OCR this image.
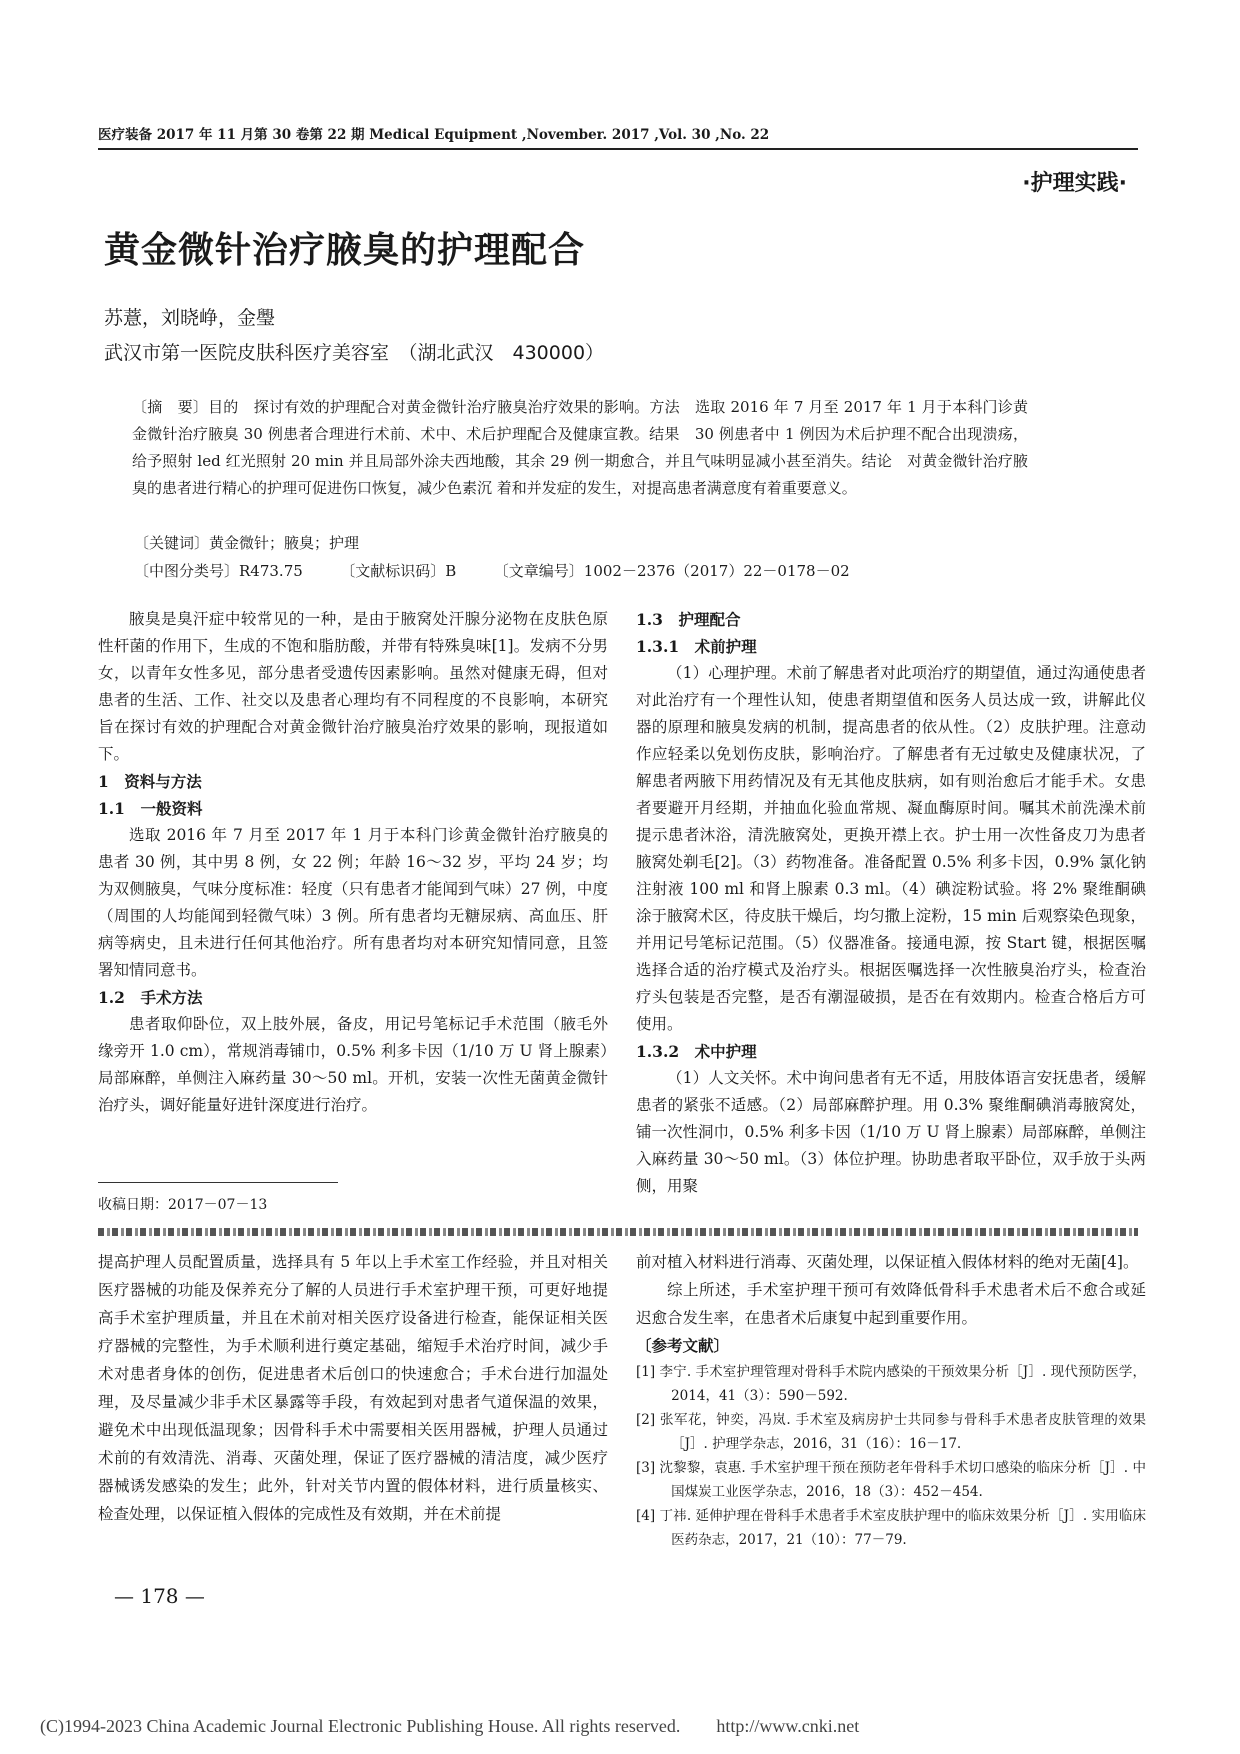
医疗装备 2017 年 11 月第 30 卷第 22 期 Medical Equipment ,November. 2017 ,Vol. 30 ,No. 22
·护理实践·
黄金微针治疗腋臭的护理配合
苏薏，刘晓峥，金璺
武汉市第一医院皮肤科医疗美容室　（湖北武汉　430000）
〔摘　要〕目的　探讨有效的护理配合对黄金微针治疗腋臭治疗效果的影响。方法　选取 2016 年 7 月至 2017 年 1 月于本科门诊黄金微针治疗腋臭 30 例患者合理进行术前、术中、术后护理配合及健康宣教。结果　30 例患者中 1 例因为术后护理不配合出现溃疡，给予照射 led 红光照射 20 min 并且局部外涂夫西地酸，其余 29 例一期愈合，并且气味明显减小甚至消失。结论　对黄金微针治疗腋臭的患者进行精心的护理可促进伤口恢复，减少色素沉 着和并发症的发生，对提高患者满意度有着重要意义。
〔关键词〕黄金微针；腋臭；护理
〔中图分类号〕R473.75　　　〔文献标识码〕B　　　〔文章编号〕1002－2376（2017）22－0178－02

腋臭是臭汗症中较常见的一种，是由于腋窝处汗腺分泌物在皮肤色原性杆菌的作用下，生成的不饱和脂肪酸，并带有特殊臭味[1]。发病不分男女，以青年女性多见，部分患者受遗传因素影响。虽然对健康无碍，但对患者的生活、工作、社交以及患者心理均有不同程度的不良影响，本研究旨在探讨有效的护理配合对黄金微针治疗腋臭治疗效果的影响，现报道如下。

1　资料与方法

1.1　一般资料

选取 2016 年 7 月至 2017 年 1 月于本科门诊黄金微针治疗腋臭的患者 30 例，其中男 8 例，女 22 例；年龄 16～32 岁，平均 24 岁；均为双侧腋臭，气味分度标准：轻度（只有患者才能闻到气味）27 例，中度（周围的人均能闻到轻微气味）3 例。所有患者均无糖尿病、高血压、肝病等病史，且未进行任何其他治疗。所有患者均对本研究知情同意，且签署知情同意书。

1.2　手术方法

患者取仰卧位，双上肢外展，备皮，用记号笔标记手术范围（腋毛外缘旁开 1.0 cm），常规消毒铺巾，0.5% 利多卡因（1/10 万 U 肾上腺素）局部麻醉，单侧注入麻药量 30～50 ml。开机，安装一次性无菌黄金微针治疗头，调好能量好进针深度进行治疗。

1.3　护理配合

1.3.1　术前护理

（1）心理护理。术前了解患者对此项治疗的期望值，通过沟通使患者对此治疗有一个理性认知，使患者期望值和医务人员达成一致，讲解此仪器的原理和腋臭发病的机制，提高患者的依从性。（2）皮肤护理。注意动作应轻柔以免划伤皮肤，影响治疗。了解患者有无过敏史及健康状况，了解患者两腋下用药情况及有无其他皮肤病，如有则治愈后才能手术。女患者要避开月经期，并抽血化验血常规、凝血酶原时间。嘱其术前洗澡术前提示患者沐浴，清洗腋窝处，更换开襟上衣。护士用一次性备皮刀为患者腋窝处剃毛[2]。（3）药物准备。准备配置 0.5% 利多卡因，0.9% 氯化钠注射液 100 ml 和肾上腺素 0.3 ml。（4）碘淀粉试验。将 2% 聚维酮碘涂于腋窝术区，待皮肤干燥后，均匀撒上淀粉，15 min 后观察染色现象，并用记号笔标记范围。（5）仪器准备。接通电源，按 Start 键，根据医嘱选择合适的治疗模式及治疗头。根据医嘱选择一次性腋臭治疗头，检查治疗头包装是否完整，是否有潮湿破损，是否在有效期内。检查合格后方可使用。

1.3.2　术中护理

（1）人文关怀。术中询问患者有无不适，用肢体语言安抚患者，缓解患者的紧张不适感。（2）局部麻醉护理。用 0.3% 聚维酮碘消毒腋窝处，铺一次性洞巾，0.5% 利多卡因（1/10 万 U 肾上腺素）局部麻醉，单侧注入麻药量 30～50 ml。（3）体位护理。协助患者取平卧位，双手放于头两侧，用聚

收稿日期：2017－07－13

提高护理人员配置质量，选择具有 5 年以上手术室工作经验，并且对相关医疗器械的功能及保养充分了解的人员进行手术室护理干预，可更好地提高手术室护理质量，并且在术前对相关医疗设备进行检查，能保证相关医疗器械的完整性，为手术顺利进行奠定基础，缩短手术治疗时间，减少手术对患者身体的创伤，促进患者术后创口的快速愈合；手术台进行加温处理，及尽量减少非手术区暴露等手段，有效起到对患者气道保温的效果，避免术中出现低温现象；因骨科手术中需要相关医用器械，护理人员通过术前的有效清洗、消毒、灭菌处理，保证了医疗器械的清洁度，减少医疗器械诱发感染的发生；此外，针对关节内置的假体材料，进行质量核实、检查处理，以保证植入假体的完成性及有效期，并在术前提

前对植入材料进行消毒、灭菌处理，以保证植入假体材料的绝对无菌[4]。

综上所述，手术室护理干预可有效降低骨科手术患者术后不愈合或延迟愈合发生率，在患者术后康复中起到重要作用。

〔参考文献〕

[1] 李宁. 手术室护理管理对骨科手术院内感染的干预效果分析［J］. 现代预防医学，2014，41（3）：590－592.

[2] 张军花，钟奕，冯岚. 手术室及病房护士共同参与骨科手术患者皮肤管理的效果［J］. 护理学杂志，2016，31（16）：16－17.

[3] 沈黎黎，袁惠. 手术室护理干预在预防老年骨科手术切口感染的临床分析［J］. 中国煤炭工业医学杂志，2016，18（3）：452－454.

[4] 丁祎. 延伸护理在骨科手术患者手术室皮肤护理中的临床效果分析［J］. 实用临床医药杂志，2017，21（10）：77－79.

— 178 —
(C)1994-2023 China Academic Journal Electronic Publishing House. All rights reserved.　　http://www.cnki.net
